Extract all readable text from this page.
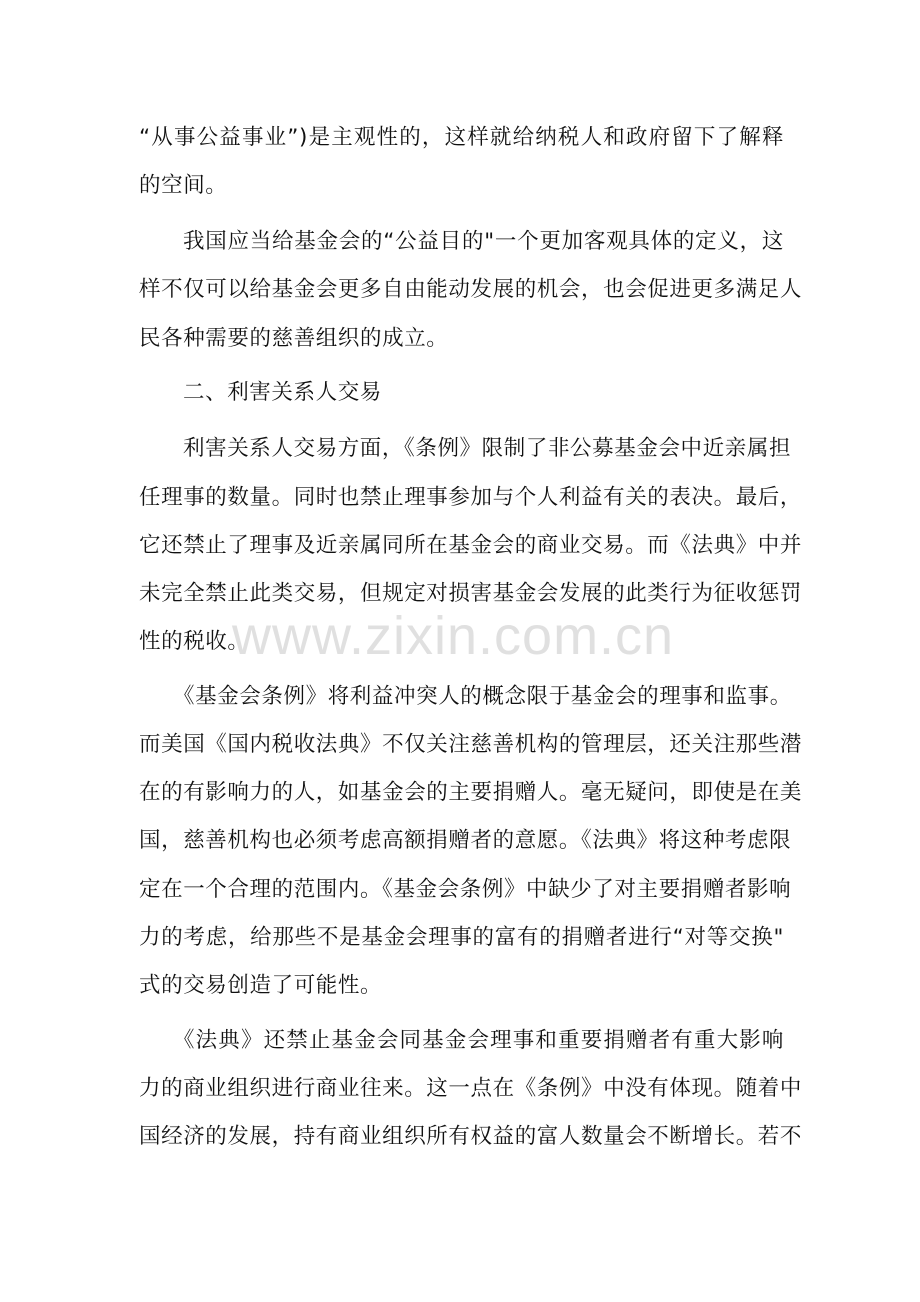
“从事公益事业”)是主观性的，这样就给纳税人和政府留下了解释
的空间。
我国应当给基金会的“公益目的"一个更加客观具体的定义，这
样不仅可以给基金会更多自由能动发展的机会，也会促进更多满足人
民各种需要的慈善组织的成立。
二、利害关系人交易
利害关系人交易方面，《条例》限制了非公募基金会中近亲属担
任理事的数量。同时也禁止理事参加与个人利益有关的表决。最后，
它还禁止了理事及近亲属同所在基金会的商业交易。而《法典》中并
未完全禁止此类交易，但规定对损害基金会发展的此类行为征收惩罚
性的税收。
《基金会条例》将利益冲突人的概念限于基金会的理事和监事。
而美国《国内税收法典》不仅关注慈善机构的管理层，还关注那些潜
在的有影响力的人，如基金会的主要捐赠人。毫无疑问，即使是在美
国，慈善机构也必须考虑高额捐赠者的意愿。《法典》将这种考虑限
定在一个合理的范围内。《基金会条例》中缺少了对主要捐赠者影响
力的考虑，给那些不是基金会理事的富有的捐赠者进行“对等交换"
式的交易创造了可能性。
《法典》还禁止基金会同基金会理事和重要捐赠者有重大影响
力的商业组织进行商业往来。这一点在《条例》中没有体现。随着中
国经济的发展，持有商业组织所有权益的富人数量会不断增长。若不
www.zixin.com.cn
